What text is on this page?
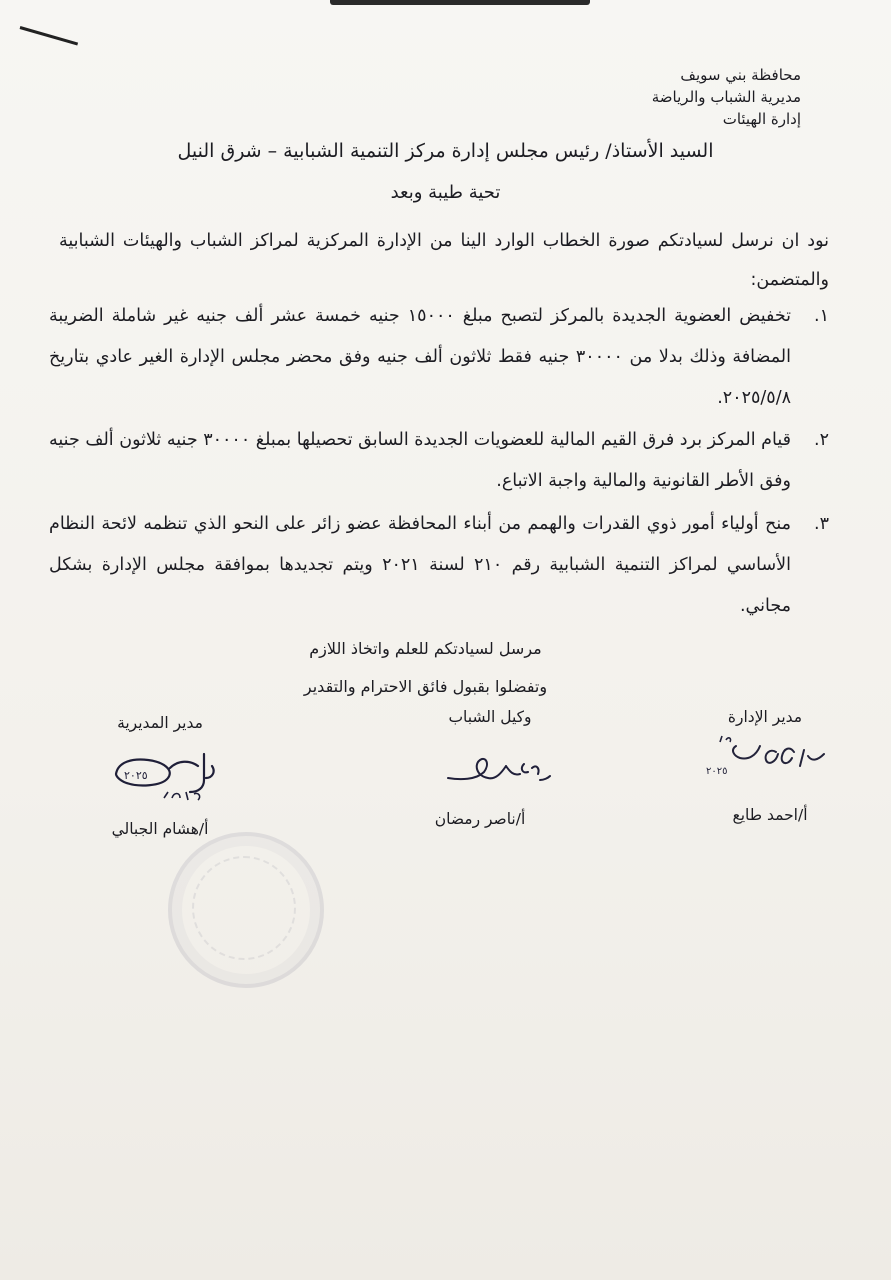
محافظة بني سويف
مديرية الشباب والرياضة
إدارة الهيئات
السيد الأستاذ/ رئيس مجلس إدارة مركز التنمية الشبابية – شرق النيل
تحية طيبة وبعد
نود ان نرسل لسيادتكم صورة الخطاب الوارد الينا من الإدارة المركزية لمراكز الشباب والهيئات الشبابية والمتضمن:
١.
تخفيض العضوية الجديدة بالمركز لتصبح مبلغ ١٥٠٠٠ جنيه خمسة عشر ألف جنيه غير شاملة الضريبة المضافة وذلك بدلا من ٣٠٠٠٠ جنيه فقط ثلاثون ألف جنيه وفق محضر مجلس الإدارة الغير عادي بتاريخ ٢٠٢٥/٥/٨.
٢.
قيام المركز برد فرق القيم المالية للعضويات الجديدة السابق تحصيلها بمبلغ ٣٠٠٠٠ جنيه ثلاثون ألف جنيه وفق الأطر القانونية والمالية واجبة الاتباع.
٣.
منح أولياء أمور ذوي القدرات والهمم من أبناء المحافظة عضو زائر على النحو الذي تنظمه لائحة النظام الأساسي لمراكز التنمية الشبابية رقم ٢١٠ لسنة ٢٠٢١ ويتم تجديدها بموافقة مجلس الإدارة بشكل مجاني.
مرسل لسيادتكم للعلم واتخاذ اللازم
وتفضلوا بقبول فائق الاحترام والتقدير
مدير الإدارة
٢٠٢٥
أ/احمد طايع
وكيل الشباب
أ/ناصر رمضان
مدير المديرية
٢٠٢٥
أ/هشام الجبالي
